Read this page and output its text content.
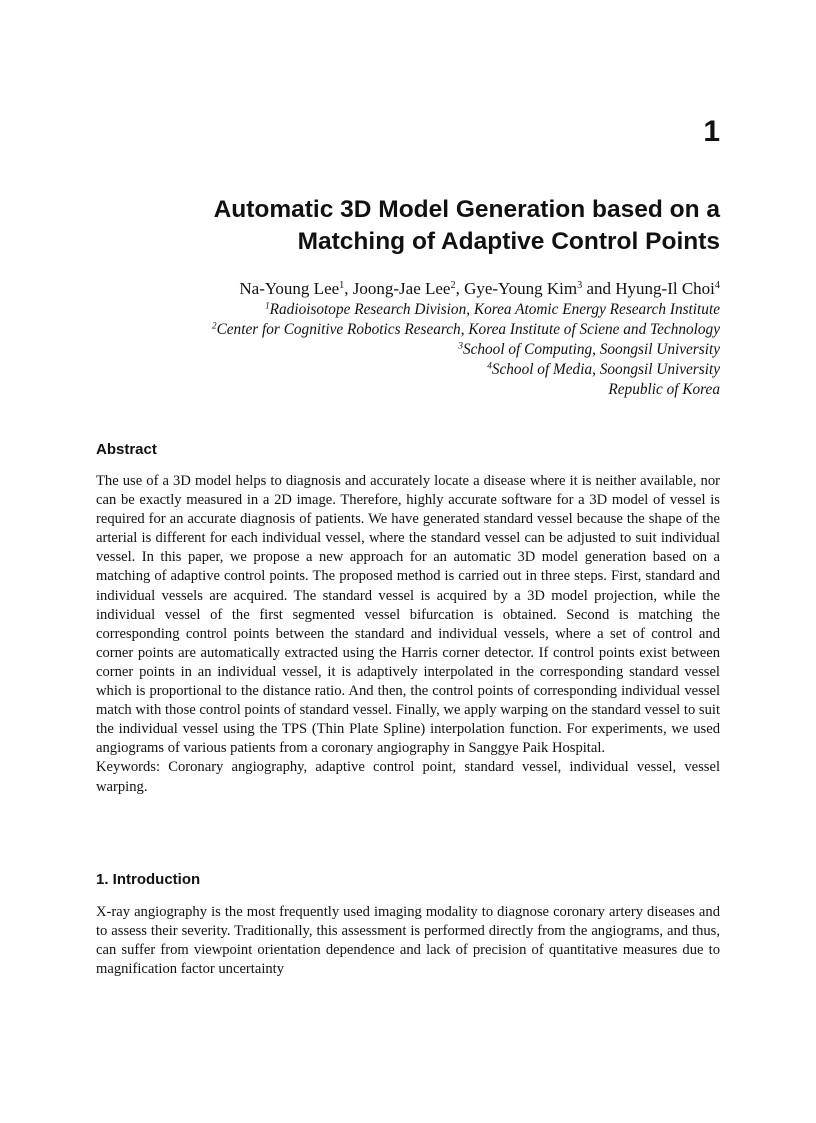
1
Automatic 3D Model Generation based on a
Matching of Adaptive Control Points

Na-Young Lee$^1$, Joong-Jae Lee$^2$, Gye-Young Kim$^3$ and Hyung-Il Choi$^4$

$^1$Radioisotope Research Division, Korea Atomic Energy Research Institute

$^2$Center for Cognitive Robotics Research, Korea Institute of Sciene and Technology

$^3$School of Computing, Soongsil University

$^4$School of Media, Soongsil University

Republic of Korea

Abstract

The use of a 3D model helps to diagnosis and accurately locate a disease where it is neither available, nor can be exactly measured in a 2D image. Therefore, highly accurate software for a 3D model of vessel is required for an accurate diagnosis of patients. We have generated standard vessel because the shape of the arterial is different for each individual vessel, where the standard vessel can be adjusted to suit individual vessel. In this paper, we propose a new approach for an automatic 3D model generation based on a matching of adaptive control points. The proposed method is carried out in three steps. First, standard and individual vessels are acquired. The standard vessel is acquired by a 3D model projection, while the individual vessel of the first segmented vessel bifurcation is obtained. Second is matching the corresponding control points between the standard and individual vessels, where a set of control and corner points are automatically extracted using the Harris corner detector. If control points exist between corner points in an individual vessel, it is adaptively interpolated in the corresponding standard vessel which is proportional to the distance ratio. And then, the control points of corresponding individual vessel match with those control points of standard vessel. Finally, we apply warping on the standard vessel to suit the individual vessel using the TPS (Thin Plate Spline) interpolation function. For experiments, we used angiograms of various patients from a coronary angiography in Sanggye Paik Hospital.

Keywords: Coronary angiography, adaptive control point, standard vessel, individual vessel, vessel warping.

1. Introduction

X-ray angiography is the most frequently used imaging modality to diagnose coronary artery diseases and to assess their severity. Traditionally, this assessment is performed directly from the angiograms, and thus, can suffer from viewpoint orientation dependence and lack of precision of quantitative measures due to magnification factor uncertainty
